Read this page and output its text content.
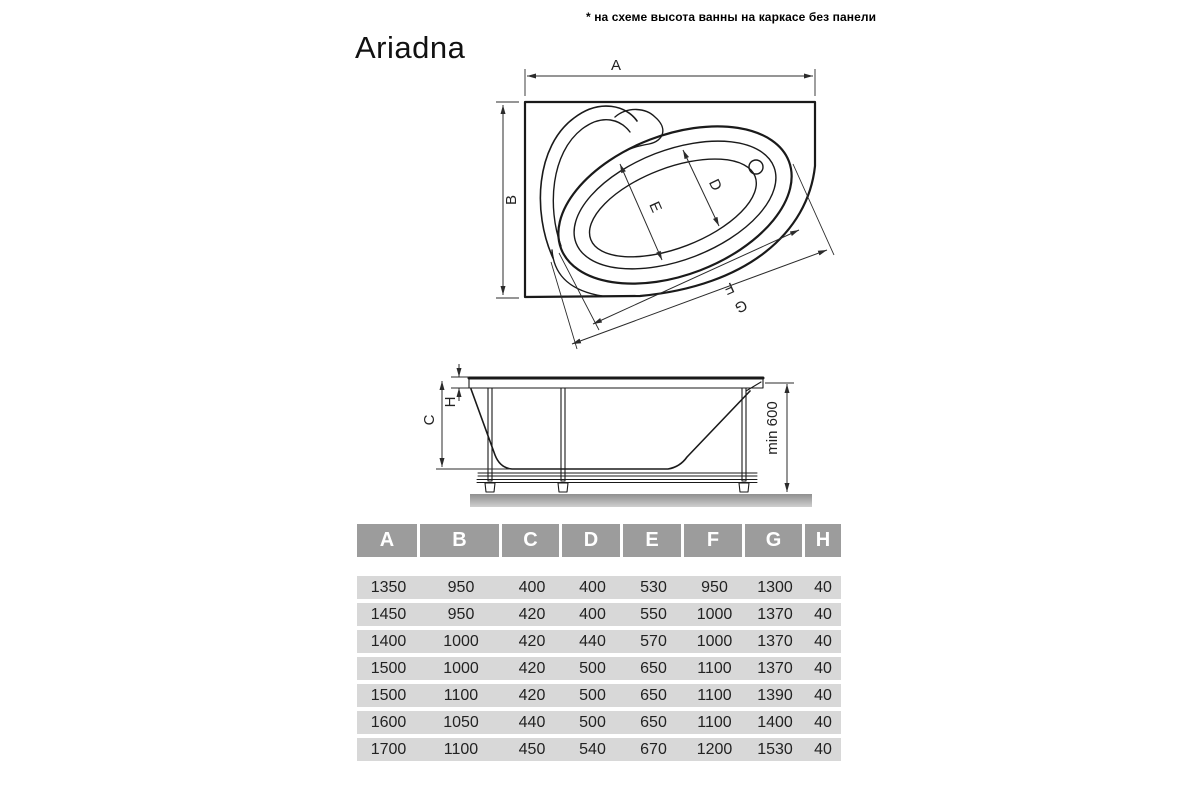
* на схеме высота ванны на каркасе без панели
Ariadna
A
B	E
D
F
G
H
C	min 600
A	B	C	D	E	F	G	H
1350	950	400	400	530	950	1300	40
1450	950	420	400	550	1000	1370	40
1400	1000	420	440	570	1000	1370	40
1500	1000	420	500	650	1100	1370	40
1500	1100	420	500	650	1100	1390	40
1600	1050	440	500	650	1100	1400	40
1700	1100	450	540	670	1200	1530	40
